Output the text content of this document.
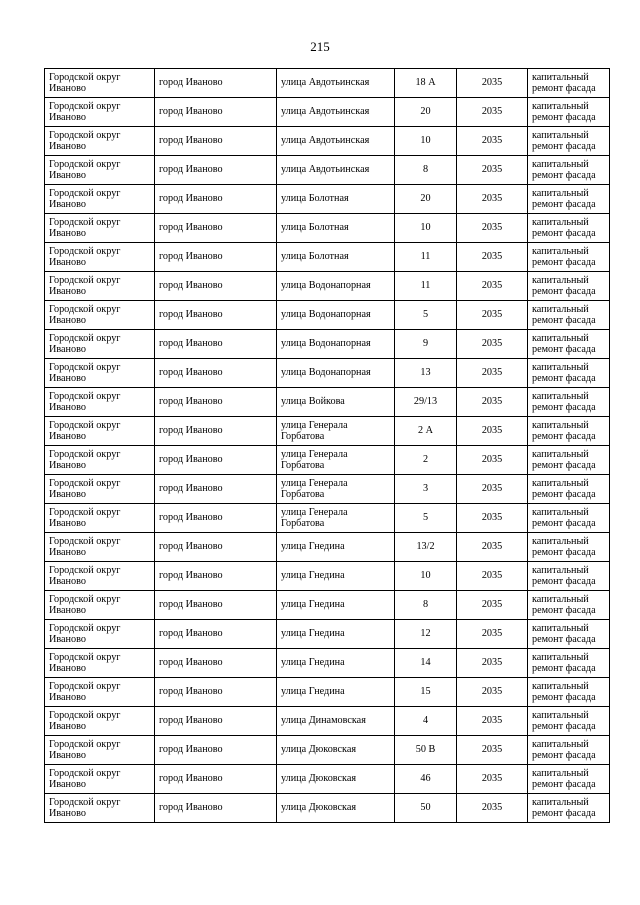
215
Городской округ Иваново	город Иваново	улица Авдотьинская	18 А	2035	капитальный ремонт фасада
Городской округ Иваново	город Иваново	улица Авдотьинская	20	2035	капитальный ремонт фасада
Городской округ Иваново	город Иваново	улица Авдотьинская	10	2035	капитальный ремонт фасада
Городской округ Иваново	город Иваново	улица Авдотьинская	8	2035	капитальный ремонт фасада
Городской округ Иваново	город Иваново	улица Болотная	20	2035	капитальный ремонт фасада
Городской округ Иваново	город Иваново	улица Болотная	10	2035	капитальный ремонт фасада
Городской округ Иваново	город Иваново	улица Болотная	11	2035	капитальный ремонт фасада
Городской округ Иваново	город Иваново	улица Водонапорная	11	2035	капитальный ремонт фасада
Городской округ Иваново	город Иваново	улица Водонапорная	5	2035	капитальный ремонт фасада
Городской округ Иваново	город Иваново	улица Водонапорная	9	2035	капитальный ремонт фасада
Городской округ Иваново	город Иваново	улица Водонапорная	13	2035	капитальный ремонт фасада
Городской округ Иваново	город Иваново	улица Войкова	29/13	2035	капитальный ремонт фасада
Городской округ Иваново	город Иваново	улица Генерала Горбатова	2 А	2035	капитальный ремонт фасада
Городской округ Иваново	город Иваново	улица Генерала Горбатова	2	2035	капитальный ремонт фасада
Городской округ Иваново	город Иваново	улица Генерала Горбатова	3	2035	капитальный ремонт фасада
Городской округ Иваново	город Иваново	улица Генерала Горбатова	5	2035	капитальный ремонт фасада
Городской округ Иваново	город Иваново	улица Гнедина	13/2	2035	капитальный ремонт фасада
Городской округ Иваново	город Иваново	улица Гнедина	10	2035	капитальный ремонт фасада
Городской округ Иваново	город Иваново	улица Гнедина	8	2035	капитальный ремонт фасада
Городской округ Иваново	город Иваново	улица Гнедина	12	2035	капитальный ремонт фасада
Городской округ Иваново	город Иваново	улица Гнедина	14	2035	капитальный ремонт фасада
Городской округ Иваново	город Иваново	улица Гнедина	15	2035	капитальный ремонт фасада
Городской округ Иваново	город Иваново	улица Динамовская	4	2035	капитальный ремонт фасада
Городской округ Иваново	город Иваново	улица Дюковская	50 В	2035	капитальный ремонт фасада
Городской округ Иваново	город Иваново	улица Дюковская	46	2035	капитальный ремонт фасада
Городской округ Иваново	город Иваново	улица Дюковская	50	2035	капитальный ремонт фасада
